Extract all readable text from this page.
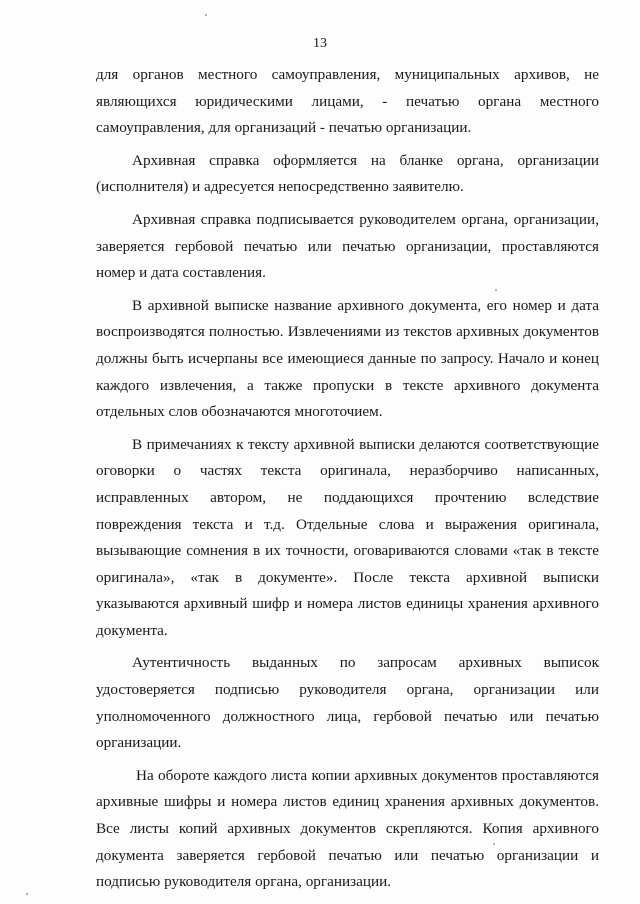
13

для органов местного самоуправления, муниципальных архивов, не являющихся юридическими лицами, - печатью органа местного самоуправления, для организаций - печатью организации.

Архивная справка оформляется на бланке органа, организации (исполнителя) и адресуется непосредственно заявителю.

Архивная справка подписывается руководителем органа, организации, заверяется гербовой печатью или печатью организации, проставляются номер и дата составления.

В архивной выписке название архивного документа, его номер и дата воспроизводятся полностью. Извлечениями из текстов архивных документов должны быть исчерпаны все имеющиеся данные по запросу. Начало и конец каждого извлечения, а также пропуски в тексте архивного документа отдельных слов обозначаются многоточием.

В примечаниях к тексту архивной выписки делаются соответствующие оговорки о частях текста оригинала, неразборчиво написанных, исправленных автором, не поддающихся прочтению вследствие повреждения текста и т.д. Отдельные слова и выражения оригинала, вызывающие сомнения в их точности, оговариваются словами «так в тексте оригинала», «так в документе». После текста архивной выписки указываются архивный шифр и номера листов единицы хранения архивного документа.

Аутентичность выданных по запросам архивных выписок удостоверяется подписью руководителя органа, организации или уполномоченного должностного лица, гербовой печатью или печатью организации.

На обороте каждого листа копии архивных документов проставляются архивные шифры и номера листов единиц хранения архивных документов. Все листы копий архивных документов скрепляются. Копия архивного документа заверяется гербовой печатью или печатью организации и подписью руководителя органа, организации.
